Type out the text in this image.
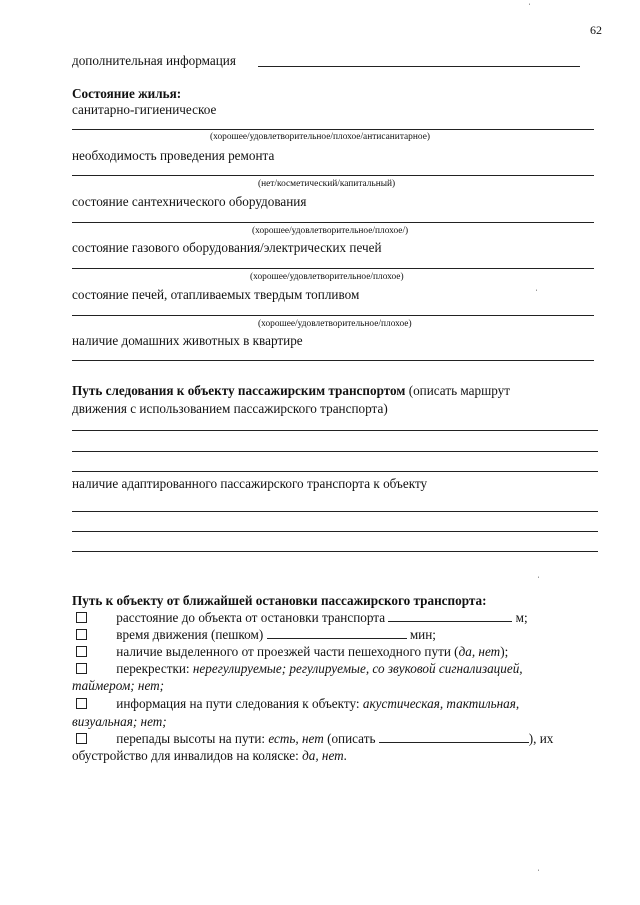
ˈ
ˈ
ˈ
ˈ
62
дополнительная информация
Состояние жилья:
санитарно-гигиеническое
(хорошее/удовлетворительное/плохое/антисанитарное)
необходимость проведения ремонта
(нет/косметический/капитальный)
состояние сантехнического оборудования
(хорошее/удовлетворительное/плохое/)
состояние газового оборудования/электрических печей
(хорошее/удовлетворительное/плохое)
состояние печей, отапливаемых твердым топливом
(хорошее/удовлетворительное/плохое)
наличие домашних животных в квартире
Путь следования к объекту пассажирским транспортом (описать маршрут
движения с использованием пассажирского транспорта)
наличие адаптированного пассажирского транспорта к объекту
Путь к объекту от ближайшей остановки пассажирского транспорта:
расстояние до объекта от остановки транспорта	м;
время движения (пешком)	мин;
наличие выделенного от проезжей части пешеходного пути (да, нет);
перекрестки: нерегулируемые; регулируемые, со звуковой сигнализацией,
таймером; нет;
информация на пути следования к объекту: акустическая, тактильная,
визуальная; нет;
перепады высоты на пути: есть, нет (описать	), их
обустройство для инвалидов на коляске: да, нет.
